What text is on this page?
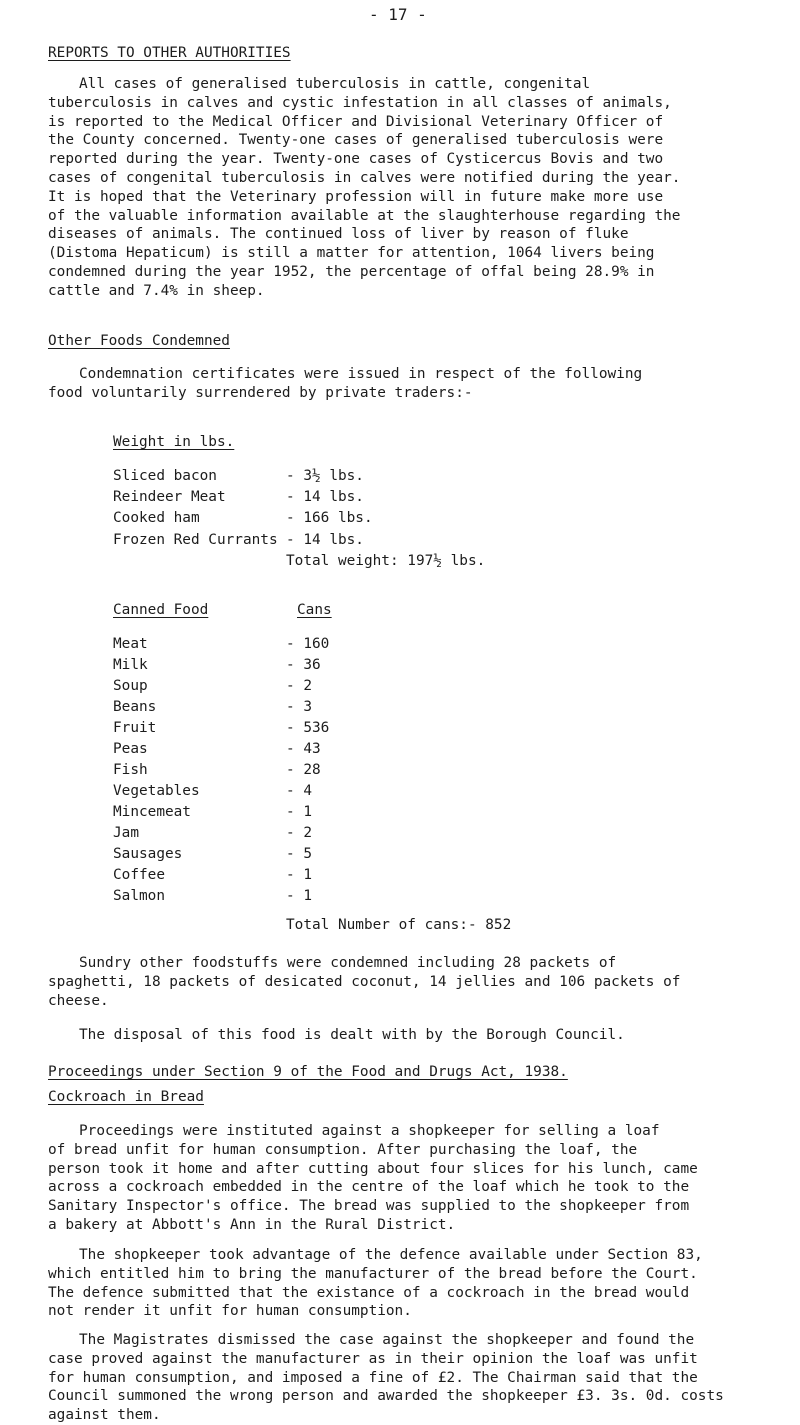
- 17 -
REPORTS TO OTHER AUTHORITIES
All cases of generalised tuberculosis in cattle, congenital
tuberculosis in calves and cystic infestation in all classes of animals,
is reported to the Medical Officer and Divisional Veterinary Officer of
the County concerned. Twenty-one cases of generalised tuberculosis were
reported during the year. Twenty-one cases of Cysticercus Bovis and two
cases of congenital tuberculosis in calves were notified during the year.
It is hoped that the Veterinary profession will in future make more use
of the valuable information available at the slaughterhouse regarding the
diseases of animals. The continued loss of liver by reason of fluke
(Distoma Hepaticum) is still a matter for attention, 1064 livers being
condemned during the year 1952, the percentage of offal being 28.9% in
cattle and 7.4% in sheep.
Other Foods Condemned
Condemnation certificates were issued in respect of the following
food voluntarily surrendered by private traders:-
Weight in lbs.
Sliced bacon	- 3½ lbs.
Reindeer Meat	- 14 lbs.
Cooked ham	- 166 lbs.
Frozen Red Currants - 14 lbs.
Total weight: 197½ lbs.
Canned Food	Cans
Meat	- 160
Milk	- 36
Soup	- 2
Beans	- 3
Fruit	- 536
Peas	- 43
Fish	- 28
Vegetables	- 4
Mincemeat	- 1
Jam	- 2
Sausages	- 5
Coffee	- 1
Salmon	- 1
Total Number of cans:- 852
Sundry other foodstuffs were condemned including 28 packets of
spaghetti, 18 packets of desicated coconut, 14 jellies and 106 packets of
cheese.
The disposal of this food is dealt with by the Borough Council.
Proceedings under Section 9 of the Food and Drugs Act, 1938.
Cockroach in Bread
Proceedings were instituted against a shopkeeper for selling a loaf
of bread unfit for human consumption. After purchasing the loaf, the
person took it home and after cutting about four slices for his lunch, came
across a cockroach embedded in the centre of the loaf which he took to the
Sanitary Inspector's office. The bread was supplied to the shopkeeper from
a bakery at Abbott's Ann in the Rural District.
The shopkeeper took advantage of the defence available under Section 83,
which entitled him to bring the manufacturer of the bread before the Court.
The defence submitted that the existance of a cockroach in the bread would
not render it unfit for human consumption.
The Magistrates dismissed the case against the shopkeeper and found the
case proved against the manufacturer as in their opinion the loaf was unfit
for human consumption, and imposed a fine of £2. The Chairman said that the
Council summoned the wrong person and awarded the shopkeeper £3. 3s. 0d. costs
against them.
